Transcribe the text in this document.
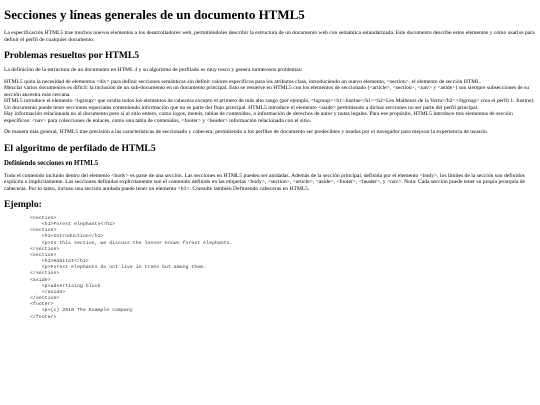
Secciones y líneas generales de un documento HTML5

La especificación HTML5 trae muchos nuevos elementos a los desarrolladores web, permitiéndoles describir la estructura de un documento web con semántica estandarizada. Este documento describe estos elementos y cómo usarlos para definir el perfil de cualquier documento.

Problemas resueltos por HTML5

La definición de la estructura de un documento en HTML 4 y su algoritmo de perfilado es muy tosco y genera numerosos problemas:

HTML5 quita la necesidad de elementos <div> para definir secciones semánticas sin definir valores específicos para los atributos class, introduciendo un nuevo elemento, <section>, el elemento de sección HTML.
Mezclar varios documentos es difícil: la inclusión de un sub-documento en un documento principal. Esto se resuelve en HTML5 con los elementos de seccionado (<article>, <section>, <nav> y <aside>) son siempre subsecciones de su sección ancestra más cercana.
HTML5 introduce el elemento <hgroup> que oculta todos los elementos de cabecera excepto el primero de más alto rango (por ejemplo, <hgroup><h1>Justine</h1><h2>Les Malheurs de la Vertu</h2></hgroup> crea el perfil 1. Justine).
Un documento puede tener secciones especiales conteniendo información que no es parte del flujo principal. HTML5 introduce el elemento <aside> permitiendo a dichas secciones no ser parte del perfil principal.
Hay información relacionada no al documento pero sí al sitio entero, como logos, menús, tablas de contenidos, o información de derechos de autor y notas legales. Para ese propósito, HTML5 introduce tres elementos de sección específicos: <nav> para colecciones de enlaces, como una tabla de contenidos, <footer> y <header> información relacionada con el sitio.

De manera más general, HTML5 trae precisión a las características de seccionado y cabecera, permitiendo a los perfiles de documento ser predecibles y usados por el navegador para mejorar la experiencia de usuario.

El algoritmo de perfilado de HTML5
Definiendo secciones en HTML5

Todo el contenido incluido dentro del elemento <body> es parte de una sección. Las secciones en HTML5 pueden ser anidadas. Además de la sección principal, definida por el elemento <body>, los límites de la sección son definidos explícita o implícitamente. Las secciones definidas explícitamente son el contenido definido en las etiquetas <body>, <section>, <article>, <aside>, <footer>, <header>, y <nav>. Nota: Cada sección puede tener su propia jerarquía de cabeceras. Por lo tanto, incluso una sección anidada puede tener un elemento <h1>. Consulte también Definiendo cabeceras en HTML5.

Ejemplo:
<section>
<h1>Forest elephants</h1>
<section>
<h1>Introduction</h1>
<p>In this section, we discuss the lesser known forest elephants.
</section>
<section>
<h1>Habitat</h1>
<p>Forest elephants do not live in trees but among them.
</section>
<aside>
<p>advertising block
</aside>
</section>
<footer>
<p>(c) 2010 The Example company
</footer>
